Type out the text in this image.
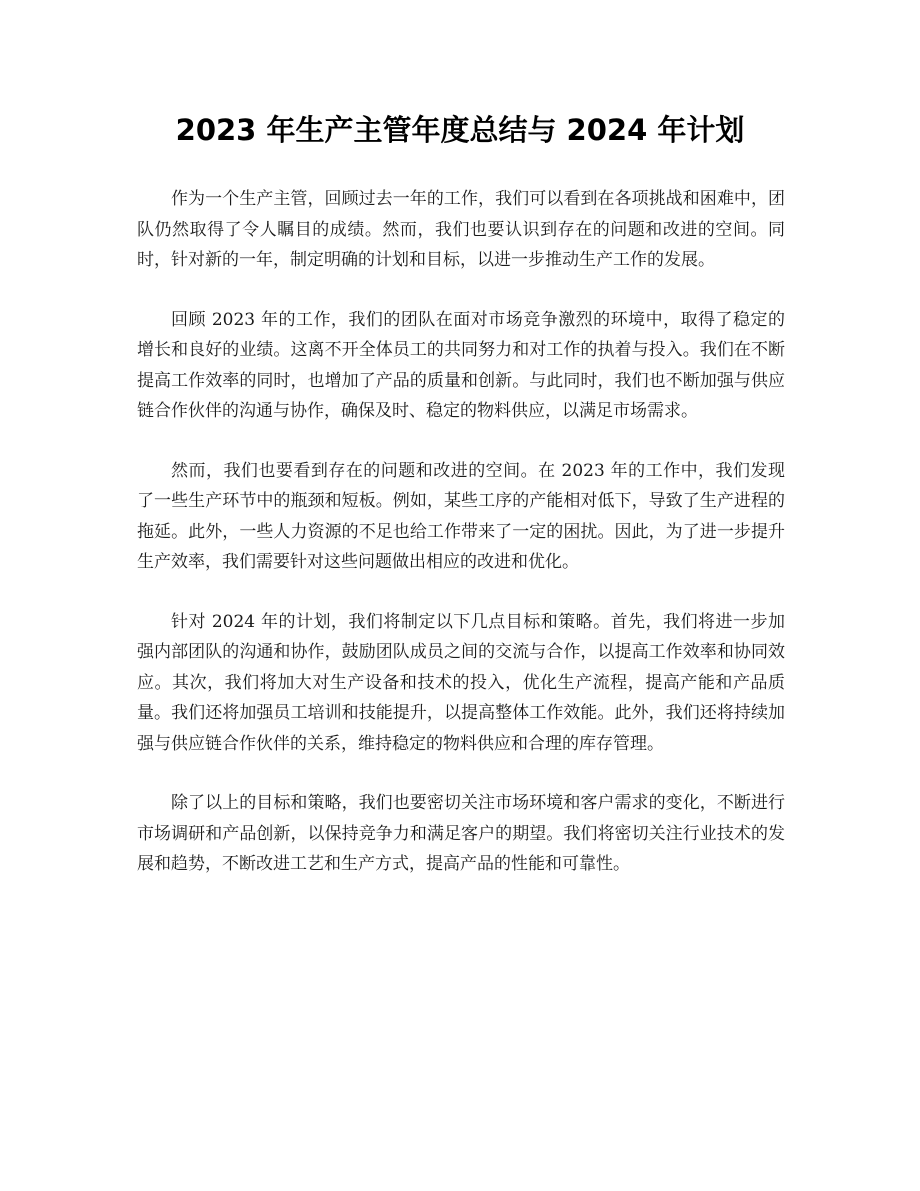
2023 年生产主管年度总结与 2024 年计划

作为一个生产主管，回顾过去一年的工作，我们可以看到在各项挑战和困难中，团队仍然取得了令人瞩目的成绩。然而，我们也要认识到存在的问题和改进的空间。同时，针对新的一年，制定明确的计划和目标，以进一步推动生产工作的发展。

回顾 2023 年的工作，我们的团队在面对市场竞争激烈的环境中，取得了稳定的增长和良好的业绩。这离不开全体员工的共同努力和对工作的执着与投入。我们在不断提高工作效率的同时，也增加了产品的质量和创新。与此同时，我们也不断加强与供应链合作伙伴的沟通与协作，确保及时、稳定的物料供应，以满足市场需求。

然而，我们也要看到存在的问题和改进的空间。在 2023 年的工作中，我们发现了一些生产环节中的瓶颈和短板。例如，某些工序的产能相对低下，导致了生产进程的拖延。此外，一些人力资源的不足也给工作带来了一定的困扰。因此，为了进一步提升生产效率，我们需要针对这些问题做出相应的改进和优化。

针对 2024 年的计划，我们将制定以下几点目标和策略。首先，我们将进一步加强内部团队的沟通和协作，鼓励团队成员之间的交流与合作，以提高工作效率和协同效应。其次，我们将加大对生产设备和技术的投入，优化生产流程，提高产能和产品质量。我们还将加强员工培训和技能提升，以提高整体工作效能。此外，我们还将持续加强与供应链合作伙伴的关系，维持稳定的物料供应和合理的库存管理。

除了以上的目标和策略，我们也要密切关注市场环境和客户需求的变化，不断进行市场调研和产品创新，以保持竞争力和满足客户的期望。我们将密切关注行业技术的发展和趋势，不断改进工艺和生产方式，提高产品的性能和可靠性。
